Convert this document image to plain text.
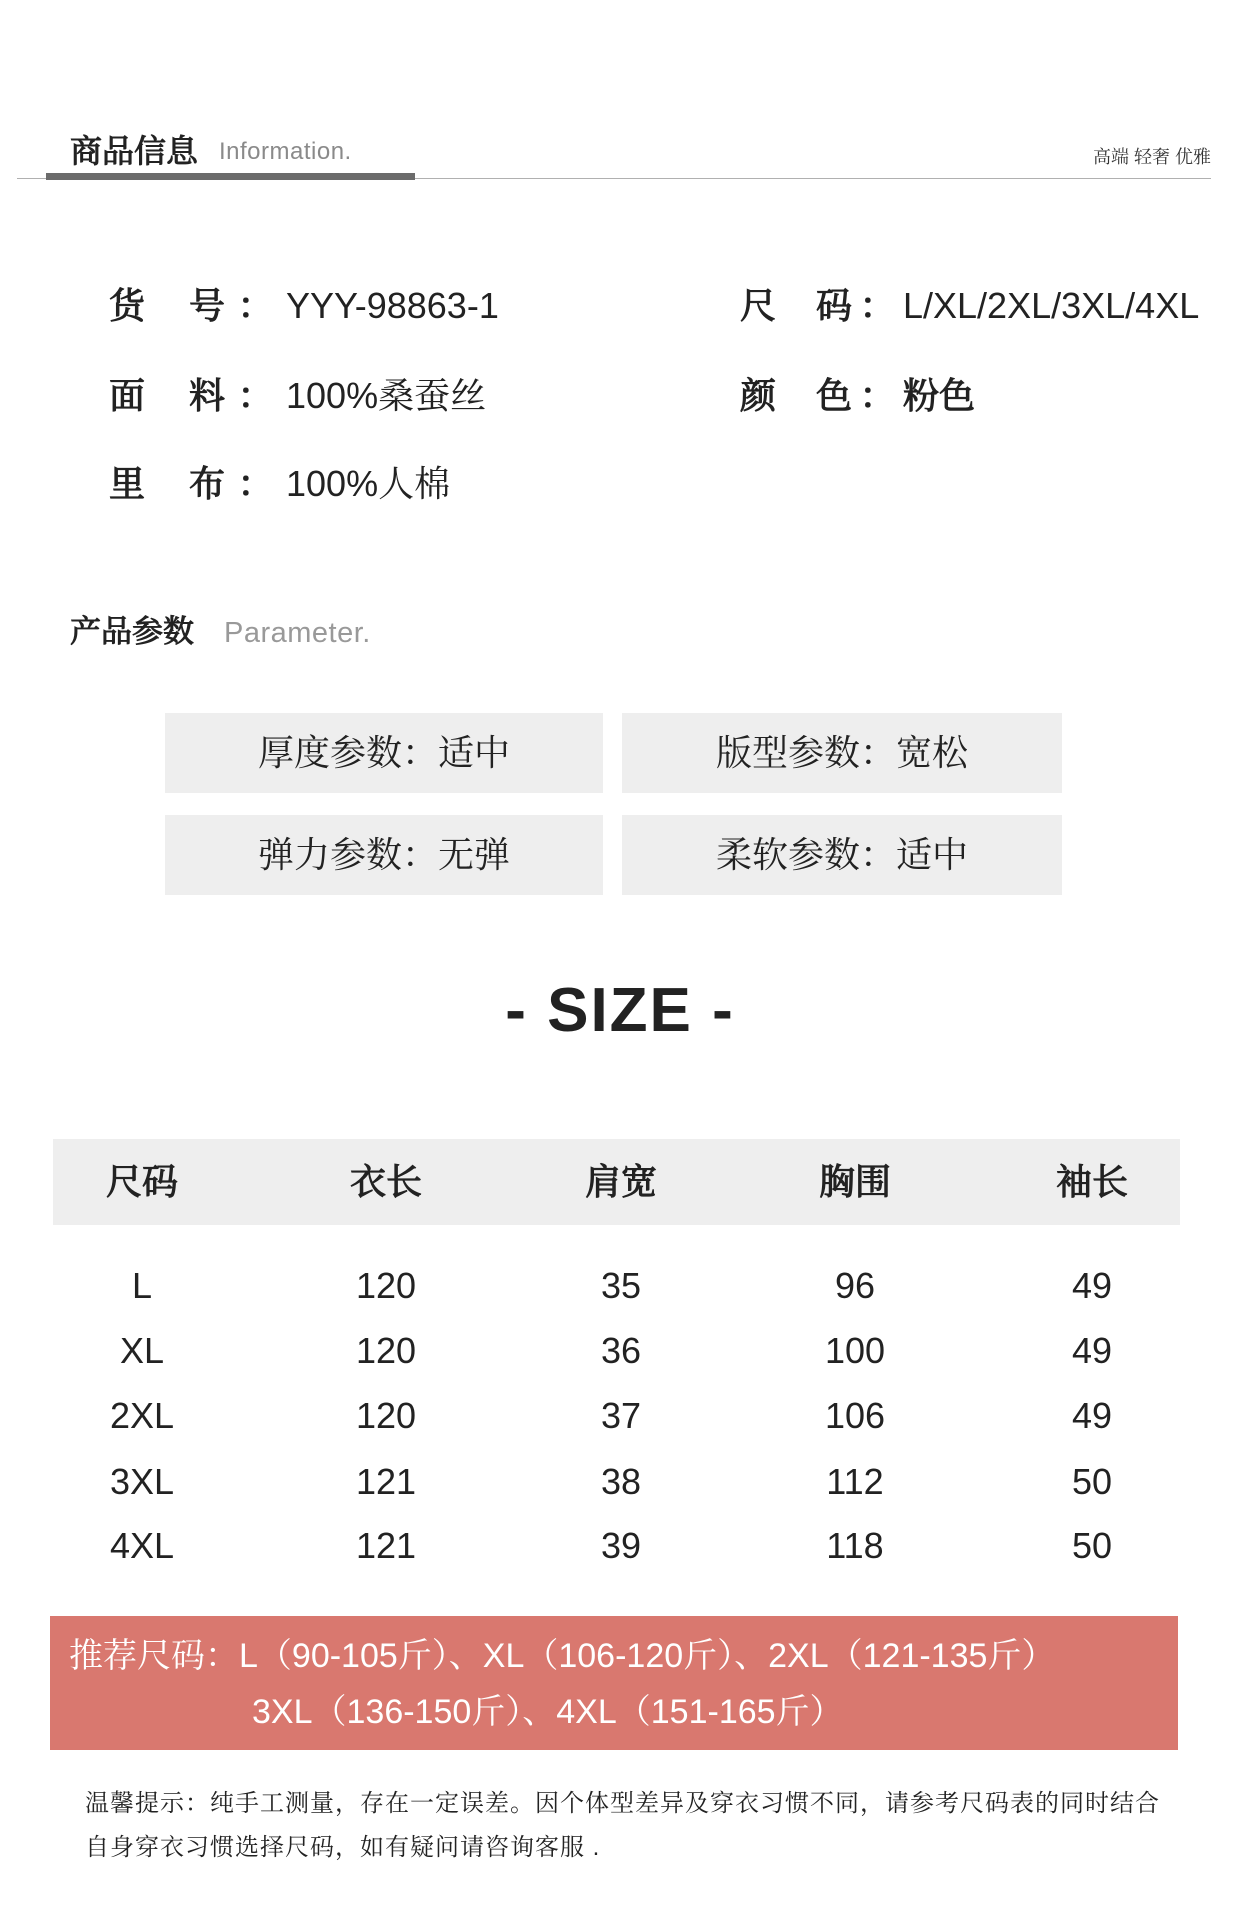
商品信息 Information.	高端 轻奢 优雅
货 号 ： YYY-98863-1	尺 码 ： L/XL/2XL/3XL/4XL
面 料 ： 100%桑蚕丝	颜 色 ： 粉色
里 布 ： 100%人棉
产品参数 Parameter.
厚度参数：适中	版型参数：宽松
弹力参数：无弹	柔软参数：适中
- SIZE -
尺码	衣长	肩宽	胸围	袖长
L	120	35	96	49
XL	120	36	100	49
2XL	120	37	106	49
3XL	121	38	112	50
4XL	121	39	118	50
推荐尺码：L（90-105斤）、XL（106-120斤）、2XL（121-135斤）
3XL（136-150斤）、4XL（151-165斤）
温馨提示：纯手工测量，存在一定误差。因个体型差异及穿衣习惯不同，请参考尺码表的同时结合
自身穿衣习惯选择尺码，如有疑问请咨询客服 .
